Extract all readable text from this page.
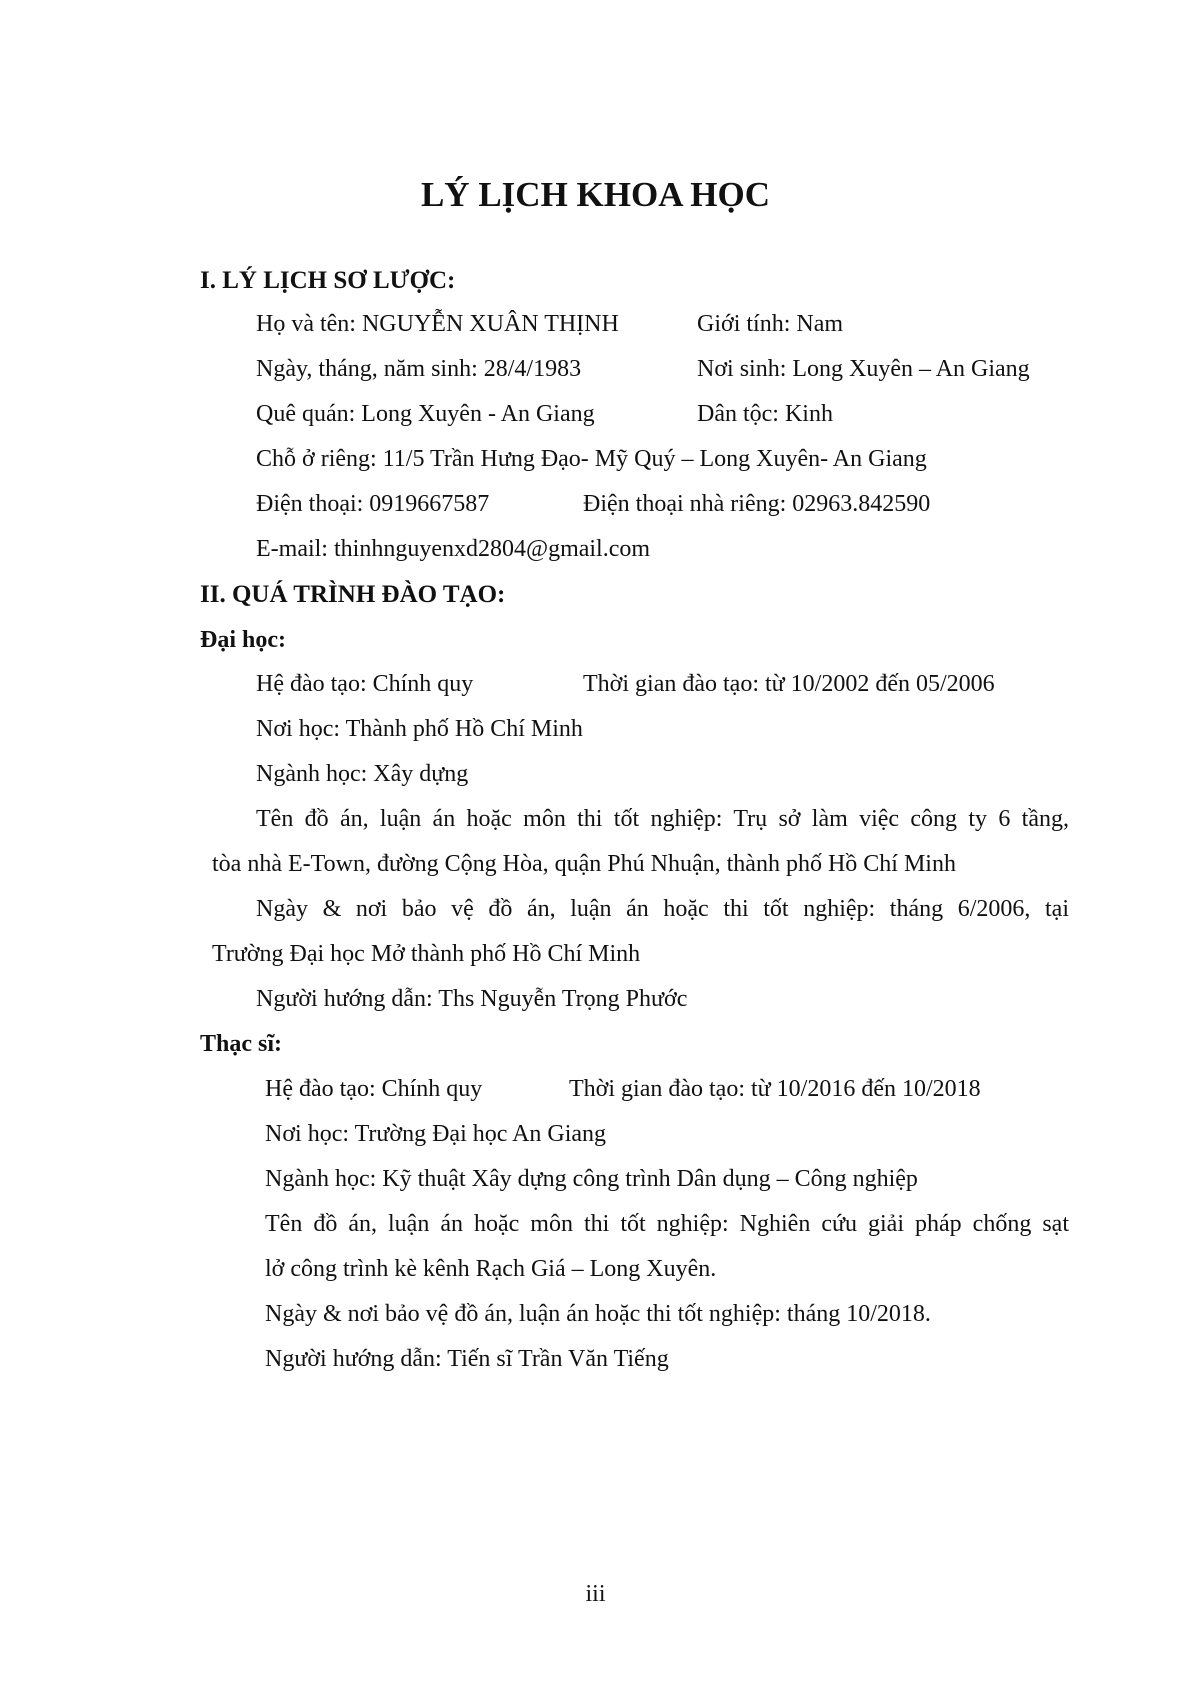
LÝ LỊCH KHOA HỌC
I. LÝ LỊCH SƠ LƯỢC:
Họ và tên: NGUYỄN XUÂN THỊNH	Giới tính: Nam
Ngày, tháng, năm sinh: 28/4/1983	Nơi sinh: Long Xuyên – An Giang
Quê quán: Long Xuyên - An Giang	Dân tộc: Kinh
Chỗ ở riêng: 11/5 Trần Hưng Đạo- Mỹ Quý – Long Xuyên- An Giang
Điện thoại: 0919667587	Điện thoại nhà riêng: 02963.842590
E-mail: thinhnguyenxd2804@gmail.com
II. QUÁ TRÌNH ĐÀO TẠO:
Đại học:
Hệ đào tạo: Chính quy	Thời gian đào tạo: từ 10/2002 đến 05/2006
Nơi học: Thành phố Hồ Chí Minh
Ngành học: Xây dựng
Tên đồ án, luận án hoặc môn thi tốt nghiệp: Trụ sở làm việc công ty 6 tầng,
tòa nhà E-Town, đường Cộng Hòa, quận Phú Nhuận, thành phố Hồ Chí Minh
Ngày & nơi bảo vệ đồ án, luận án hoặc thi tốt nghiệp: tháng 6/2006, tại
Trường Đại học Mở thành phố Hồ Chí Minh
Người hướng dẫn: Ths Nguyễn Trọng Phước
Thạc sĩ:
Hệ đào tạo: Chính quy	Thời gian đào tạo: từ 10/2016 đến 10/2018
Nơi học: Trường Đại học An Giang
Ngành học: Kỹ thuật Xây dựng công trình Dân dụng – Công nghiệp
Tên đồ án, luận án hoặc môn thi tốt nghiệp: Nghiên cứu giải pháp chống sạt
lở công trình kè kênh Rạch Giá – Long Xuyên.
Ngày & nơi bảo vệ đồ án, luận án hoặc thi tốt nghiệp: tháng 10/2018.
Người hướng dẫn: Tiến sĩ Trần Văn Tiếng
iii
